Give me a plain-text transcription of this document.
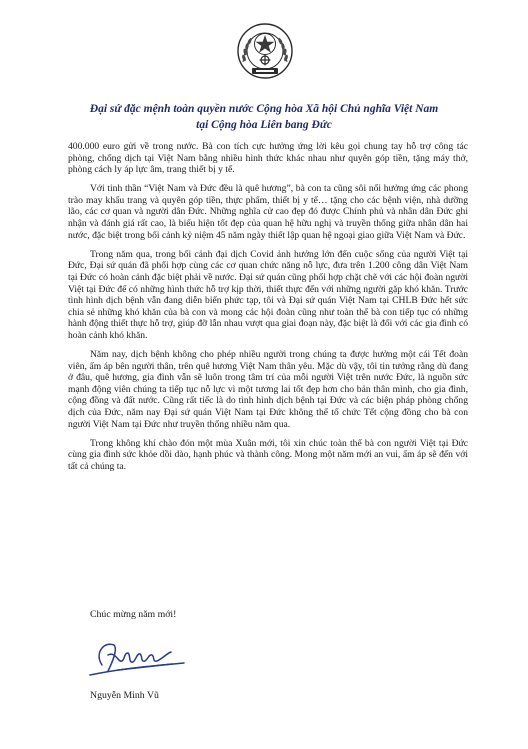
Đại sứ đặc mệnh toàn quyền nước Cộng hòa Xã hội Chủ nghĩa Việt Nam
tại Cộng hòa Liên bang Đức

400.000 euro gửi về trong nước. Bà con tích cực hưởng ứng lời kêu gọi chung tay hỗ trợ công tác phòng, chống dịch tại Việt Nam bằng nhiều hình thức khác nhau như quyên góp tiền, tặng máy thở, phòng cách ly áp lực âm, trang thiết bị y tế.

Với tinh thần “Việt Nam và Đức đều là quê hương”, bà con ta cũng sôi nổi hưởng ứng các phong trào may khẩu trang và quyên góp tiền, thực phẩm, thiết bị y tế… tặng cho các bệnh viện, nhà dưỡng lão, các cơ quan và người dân Đức. Những nghĩa cử cao đẹp đó được Chính phủ và nhân dân Đức ghi nhận và đánh giá rất cao, là biểu hiện tốt đẹp của quan hệ hữu nghị và truyền thống giữa nhân dân hai nước, đặc biệt trong bối cảnh kỷ niệm 45 năm ngày thiết lập quan hệ ngoại giao giữa Việt Nam và Đức.

Trong năm qua, trong bối cảnh đại dịch Covid ảnh hưởng lớn đến cuộc sống của người Việt tại Đức, Đại sứ quán đã phối hợp cùng các cơ quan chức năng nỗ lực, đưa trên 1.200 công dân Việt Nam tại Đức có hoàn cảnh đặc biệt phải về nước. Đại sứ quán cũng phối hợp chặt chẽ với các hội đoàn người Việt tại Đức để có những hình thức hỗ trợ kịp thời, thiết thực đến với những người gặp khó khăn. Trước tình hình dịch bệnh vẫn đang diễn biến phức tạp, tôi và Đại sứ quán Việt Nam tại CHLB Đức hết sức chia sẻ những khó khăn của bà con và mong các hội đoàn cũng như toàn thể bà con tiếp tục có những hành động thiết thực hỗ trợ, giúp đỡ lẫn nhau vượt qua giai đoạn này, đặc biệt là đối với các gia đình có hoàn cảnh khó khăn.

Năm nay, dịch bệnh không cho phép nhiều người trong chúng ta được hưởng một cái Tết đoàn viên, ấm áp bên người thân, trên quê hương Việt Nam thân yêu. Mặc dù vậy, tôi tin tưởng rằng dù đang ở đâu, quê hương, gia đình vẫn sẽ luôn trong tâm trí của mỗi người Việt trên nước Đức, là nguồn sức mạnh động viên chúng ta tiếp tục nỗ lực vì một tương lai tốt đẹp hơn cho bản thân mình, cho gia đình, cộng đồng và đất nước. Cũng rất tiếc là do tình hình dịch bệnh tại Đức và các biện pháp phòng chống dịch của Đức, năm nay Đại sứ quán Việt Nam tại Đức không thể tổ chức Tết cộng đồng cho bà con người Việt Nam tại Đức như truyền thống nhiều năm qua.

Trong không khí chào đón một mùa Xuân mới, tôi xin chúc toàn thể bà con người Việt tại Đức cùng gia đình sức khỏe dồi dào, hạnh phúc và thành công. Mong một năm mới an vui, ấm áp sẽ đến với tất cả chúng ta.

Chúc mừng năm mới!
Nguyễn Minh Vũ
